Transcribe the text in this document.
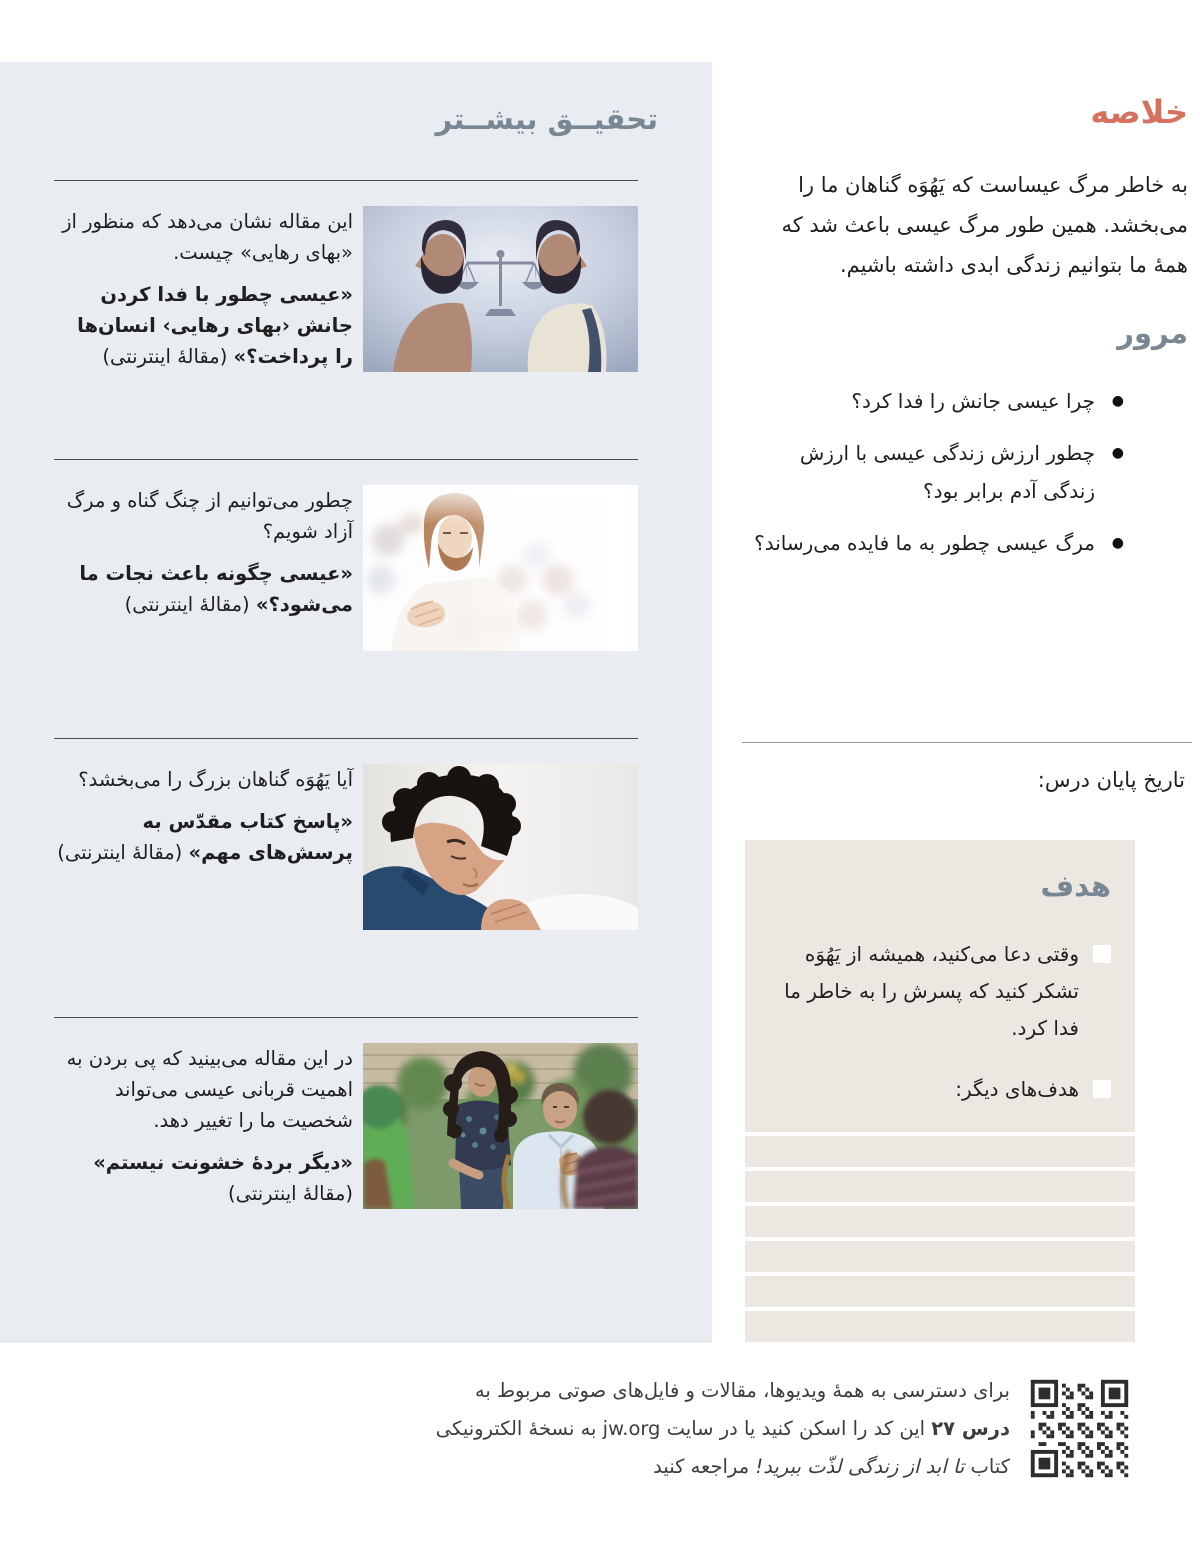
تحقیــق بیشــتر

این مقاله نشان می‌دهد که منظور از «بهای رهایی» چیست.

«عیسی چطور با فدا کردن جانش ‹بهای رهایی› انسان‌ها را پرداخت؟» (مقالهٔ اینترنتی)

چطور می‌توانیم از چنگ گناه و مرگ آزاد شویم؟

«عیسی چگونه باعث نجات ما می‌شود؟» (مقالهٔ اینترنتی)

آیا یَهُوَه گناهان بزرگ را می‌بخشد؟

«پاسخ کتاب مقدّس به پرسش‌های مهم» (مقالهٔ اینترنتی)

در این مقاله می‌بینید که پی بردن به اهمیت قربانی عیسی می‌تواند شخصیت ما را تغییر دهد.

«دیگر بردهٔ خشونت نیستم» (مقالهٔ اینترنتی)

خلاصه

به خاطر مرگ عیساست که یَهُوَه گناهان ما را می‌بخشد. همین طور مرگ عیسی باعث شد که همهٔ ما بتوانیم زندگی ابدی داشته باشیم.

مرور
●
چرا عیسی جانش را فدا کرد؟
●
چطور ارزش زندگی عیسی با ارزش زندگی آدم برابر بود؟
●
مرگ عیسی چطور به ما فایده می‌رساند؟

تاریخ پایان درس:

هدف
وقتی دعا می‌کنید، همیشه از یَهُوَه تشکر کنید که پسرش را به خاطر ما فدا کرد.
هدف‌های دیگر:
برای دسترسی به همهٔ ویدیوها، مقالات و فایل‌های صوتی مربوط به
درس ۲۷ این کد را اسکن کنید یا در سایت jw.org به نسخهٔ الکترونیکی
کتاب تا ابد از زندگی لذّت ببرید! مراجعه کنید
